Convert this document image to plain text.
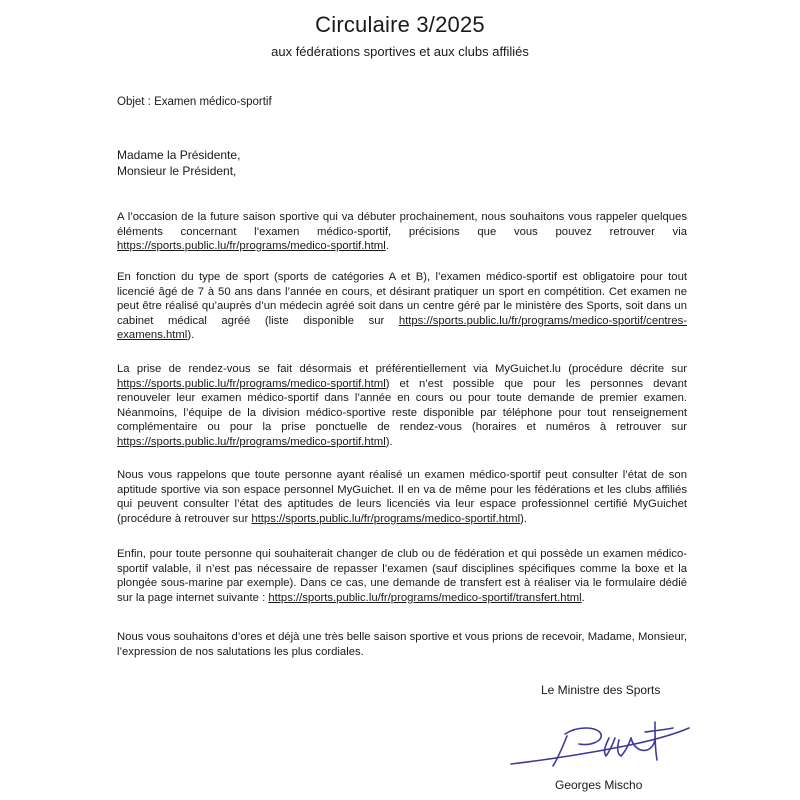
Circulaire 3/2025
aux fédérations sportives et aux clubs affiliés
Objet : Examen médico-sportif
Madame la Présidente,
Monsieur le Président,
A l’occasion de la future saison sportive qui va débuter prochainement, nous souhaitons vous rappeler quelques éléments concernant l’examen médico-sportif, précisions que vous pouvez retrouver via https://sports.public.lu/fr/programs/medico-sportif.html.
En fonction du type de sport (sports de catégories A et B), l’examen médico-sportif est obligatoire pour tout licencié âgé de 7 à 50 ans dans l’année en cours, et désirant pratiquer un sport en compétition. Cet examen ne peut être réalisé qu’auprès d’un médecin agréé soit dans un centre géré par le ministère des Sports, soit dans un cabinet médical agréé (liste disponible sur https://sports.public.lu/fr/programs/medico-sportif/centres-examens.html).
La prise de rendez-vous se fait désormais et préférentiellement via MyGuichet.lu (procédure décrite sur https://sports.public.lu/fr/programs/medico-sportif.html) et n’est possible que pour les personnes devant renouveler leur examen médico-sportif dans l’année en cours ou pour toute demande de premier examen. Néanmoins, l’équipe de la division médico-sportive reste disponible par téléphone pour tout renseignement complémentaire ou pour la prise ponctuelle de rendez-vous (horaires et numéros à retrouver sur https://sports.public.lu/fr/programs/medico-sportif.html).
Nous vous rappelons que toute personne ayant réalisé un examen médico-sportif peut consulter l’état de son aptitude sportive via son espace personnel MyGuichet. Il en va de même pour les fédérations et les clubs affiliés qui peuvent consulter l’état des aptitudes de leurs licenciés via leur espace professionnel certifié MyGuichet (procédure à retrouver sur https://sports.public.lu/fr/programs/medico-sportif.html).
Enfin, pour toute personne qui souhaiterait changer de club ou de fédération et qui possède un examen médico-sportif valable, il n’est pas nécessaire de repasser l’examen (sauf disciplines spécifiques comme la boxe et la plongée sous-marine par exemple). Dans ce cas, une demande de transfert est à réaliser via le formulaire dédié sur la page internet suivante : https://sports.public.lu/fr/programs/medico-sportif/transfert.html.
Nous vous souhaitons d’ores et déjà une très belle saison sportive et vous prions de recevoir, Madame, Monsieur, l’expression de nos salutations les plus cordiales.
Le Ministre des Sports
Georges Mischo
